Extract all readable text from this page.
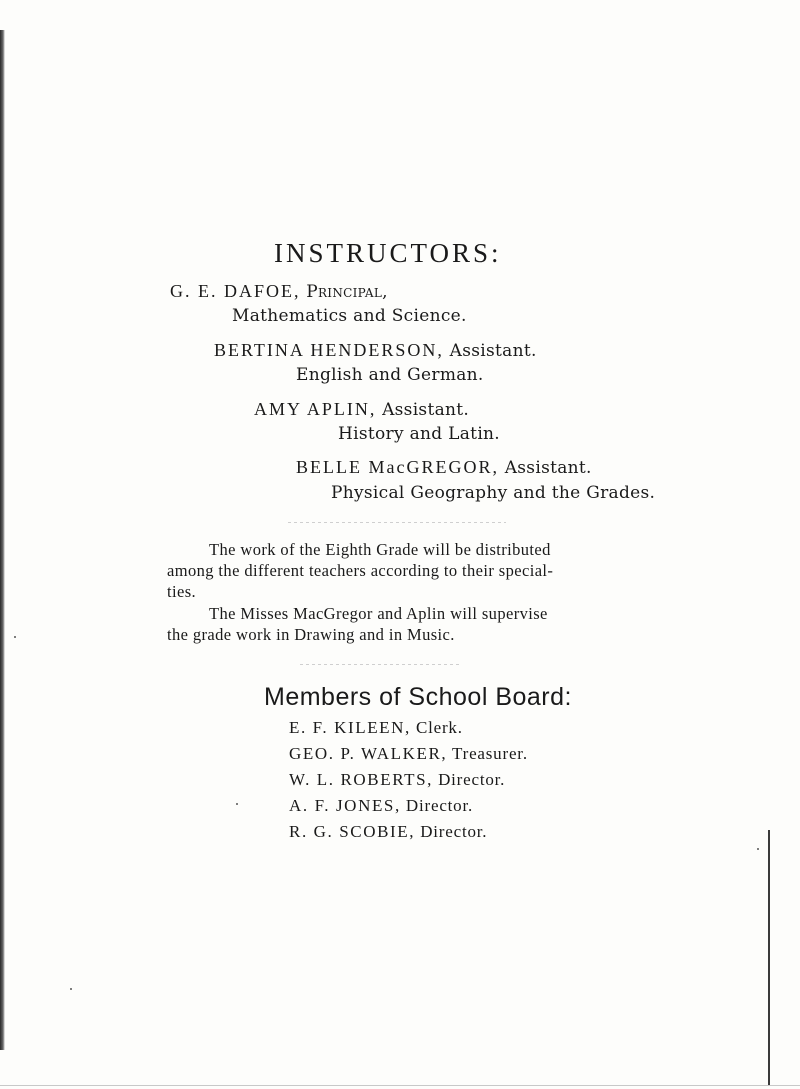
INSTRUCTORS:
G. E. DAFOE, Principal,
Mathematics and Science.
BERTINA HENDERSON, Assistant.
English and German.
AMY APLIN, Assistant.
History and Latin.
BELLE MacGREGOR, Assistant.
Physical Geography and the Grades.
The work of the Eighth Grade will be distributed
among the different teachers according to their special-
ties.
The Misses MacGregor and Aplin will supervise
the grade work in Drawing and in Music.
Members of School Board:
E. F. KILEEN, Clerk.
GEO. P. WALKER, Treasurer.
W. L. ROBERTS, Director.
A. F. JONES, Director.
R. G. SCOBIE, Director.
